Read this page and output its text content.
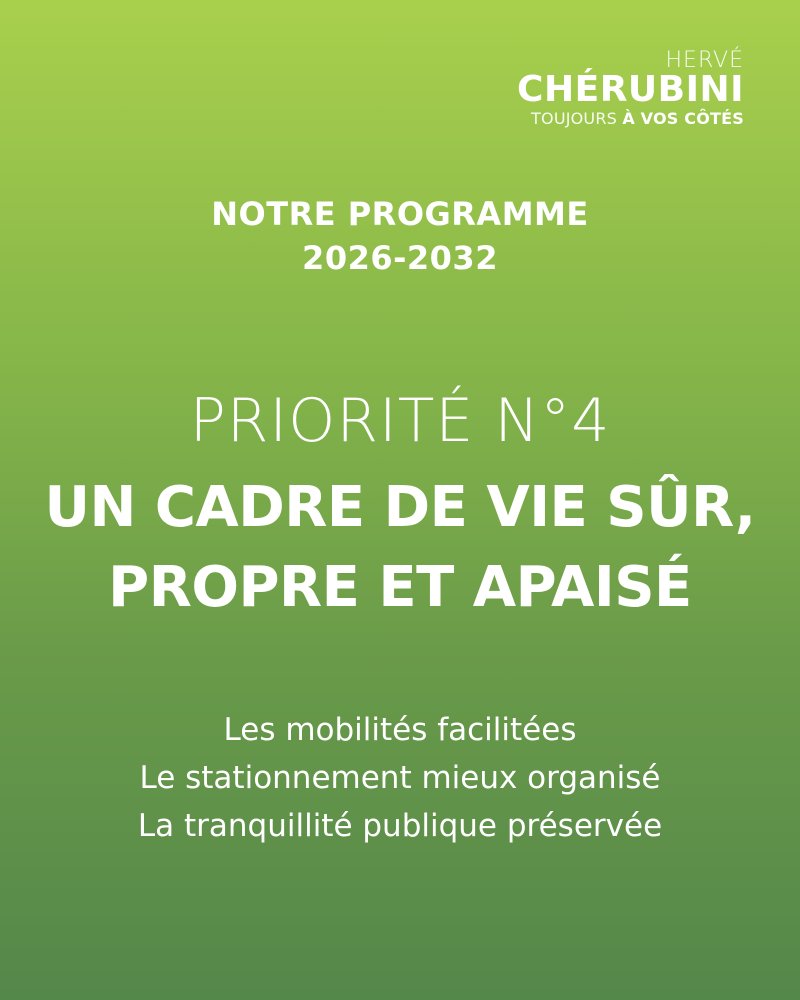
HERVÉ
CHÉRUBINI
TOUJOURS À VOS CÔTÉS
NOTRE PROGRAMME
2026-2032
PRIORITÉ N°4
UN CADRE DE VIE SÛR,
PROPRE ET APAISÉ
Les mobilités facilitées
Le stationnement mieux organisé
La tranquillité publique préservée
